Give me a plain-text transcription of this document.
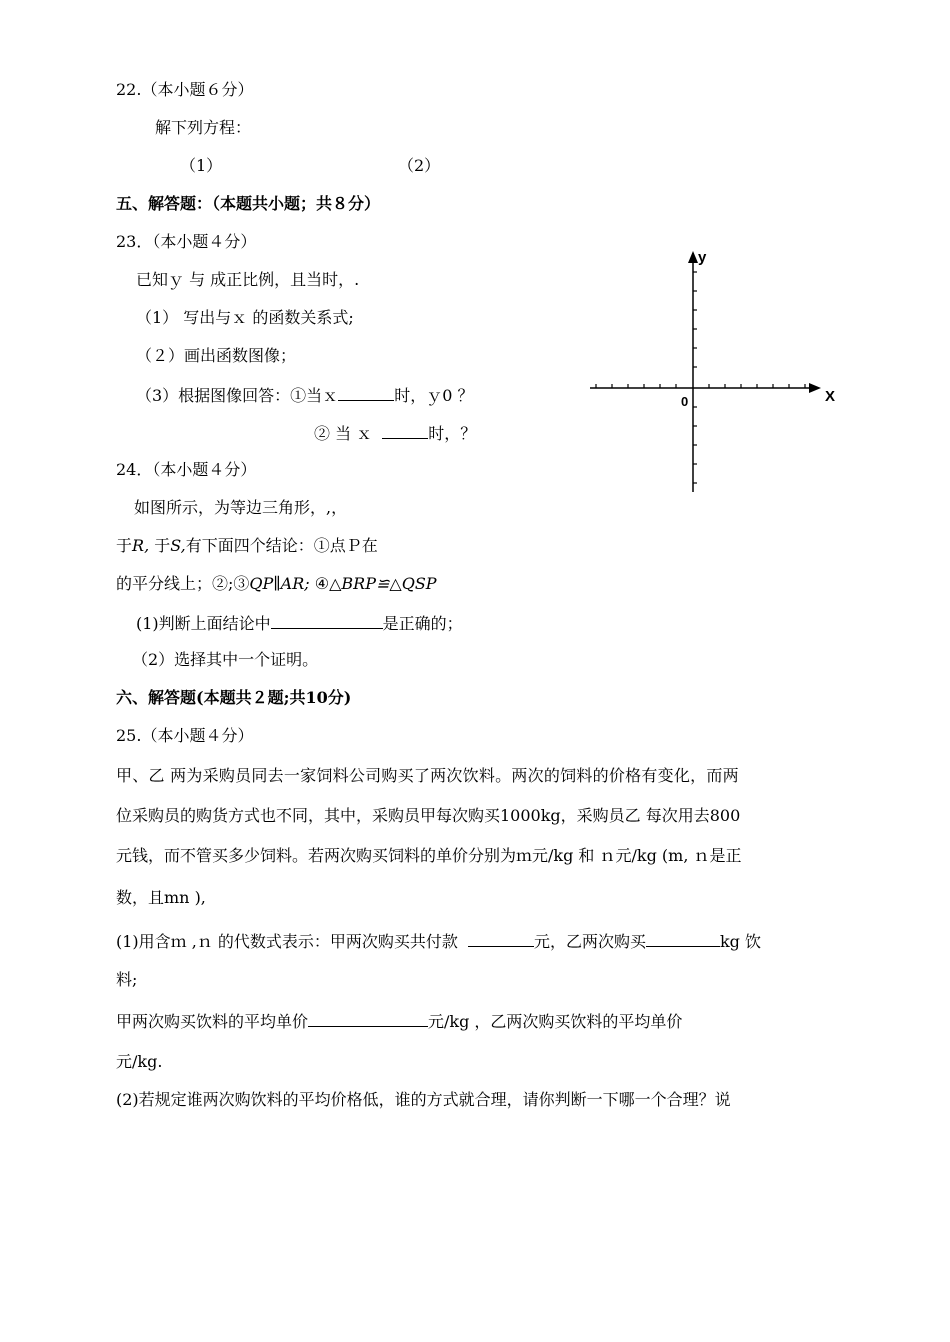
22.（本小题６分）
解下列方程：
（1）	（2）
五、解答题：（本题共小题；共８分）
23．（本小题４分）
已知ｙ 与 成正比例，且当时，.
（1） 写出与ｘ 的函数关系式;
（２）画出函数图像；
（3）根据图像回答：①当ｘ	时，ｙ0 ？
② 当 ｘ	时，？
y
X
0
24．（本小题４分）
如图所示，为等边三角形，,，
于R, 于S,有下面四个结论：①点Ｐ在
的平分线上；②;③QP∥AR; ④△BRP≌△QSP
(1)判断上面结论中	是正确的；
（2）选择其中一个证明。
六、解答题(本题共２题;共10分)
25.（本小题４分）
甲、乙 两为采购员同去一家饲料公司购买了两次饮料。两次的饲料的价格有变化，而两
位采购员的购货方式也不同，其中，采购员甲每次购买1000kg，采购员乙 每次用去800
元钱，而不管买多少饲料。若两次购买饲料的单价分别为ｍ元/kg 和 ｎ元/kg (m, ｎ是正
数，且mn ),
(1)用含ｍ ,ｎ 的代数式表示：甲两次购买共付款	元，乙两次购买	kg 饮
料;
甲两次购买饮料的平均单价	元/kg ，乙两次购买饮料的平均单价
元/kg.
(2)若规定谁两次购饮料的平均价格低，谁的方式就合理，请你判断一下哪一个合理？说
